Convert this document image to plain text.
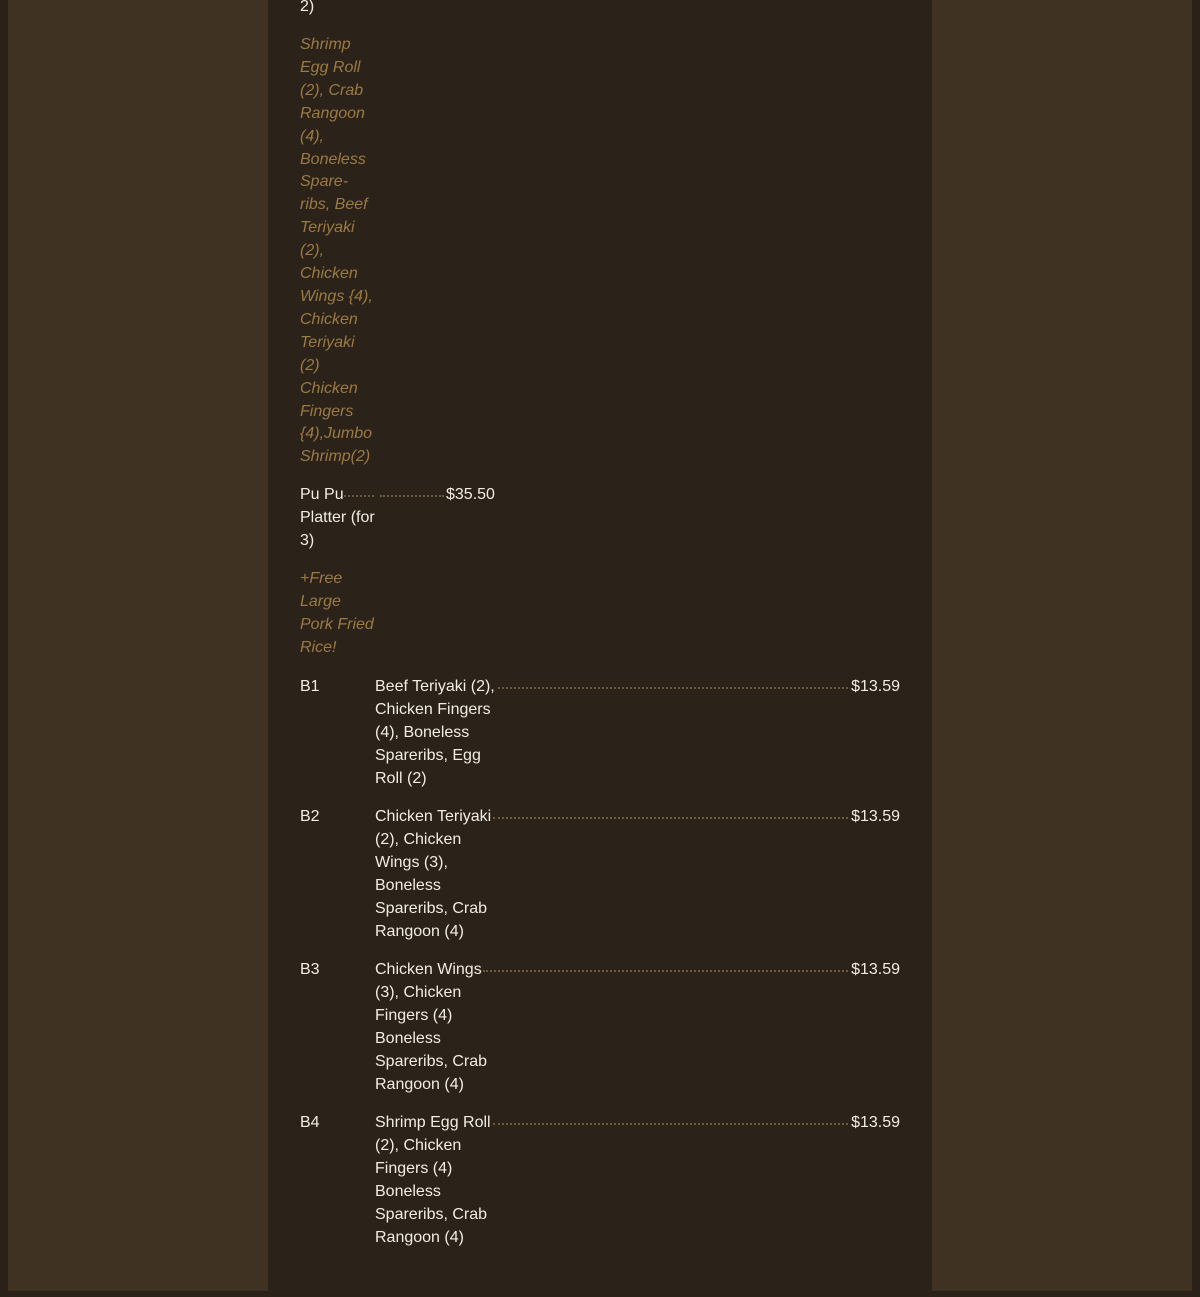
2)
Shrimp Egg Roll (2), Crab Rangoon (4), Boneless Spare-ribs, Beef Teriyaki (2), Chicken Wings {4), Chicken Teriyaki (2) Chicken Fingers {4),Jumbo Shrimp(2)
Pu Pu Platter (for 3)
$35.50
+Free Large Pork Fried Rice!
B1	Beef Teriyaki (2), Chicken Fingers (4), Boneless Spareribs, Egg Roll (2)
$13.59
B2	Chicken Teriyaki (2), Chicken Wings (3), Boneless Spareribs, Crab Rangoon (4)
$13.59
B3	Chicken Wings (3), Chicken Fingers (4) Boneless Spareribs, Crab Rangoon (4)
$13.59
B4	Shrimp Egg Roll (2), Chicken Fingers (4) Boneless Spareribs, Crab Rangoon (4)
$13.59
